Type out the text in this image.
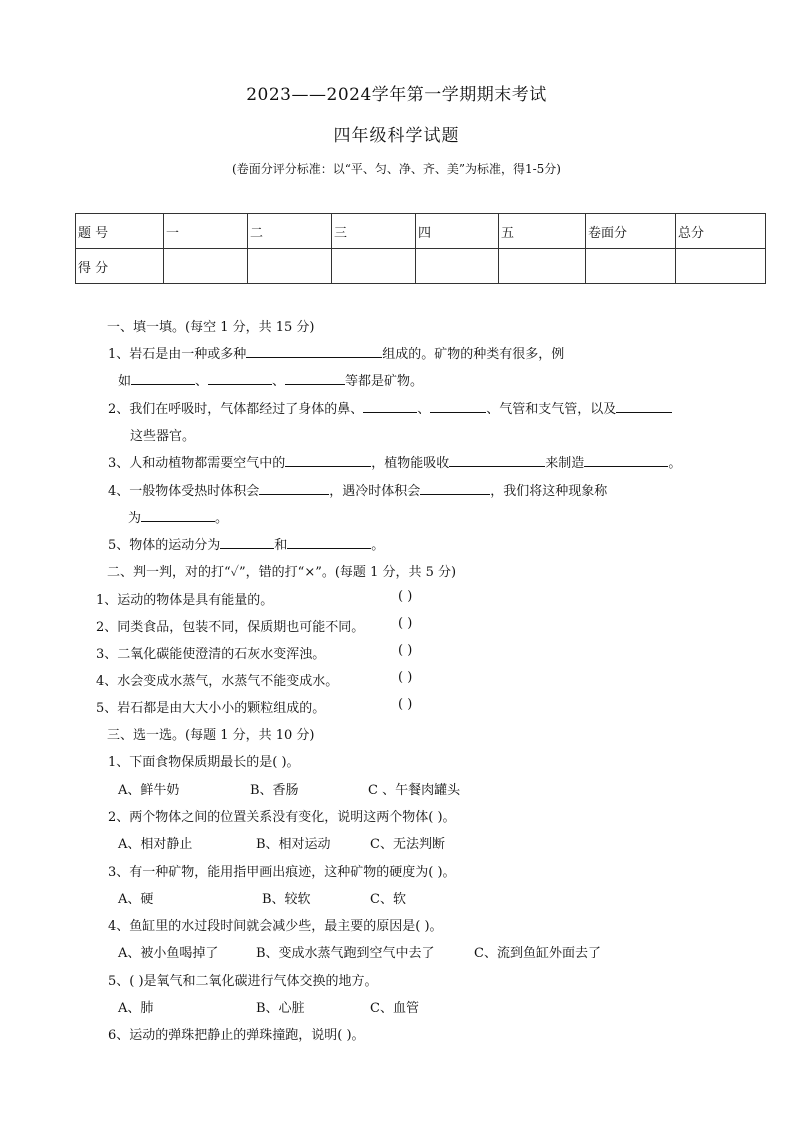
2023——2024学年第一学期期末考试
四年级科学试题
(卷面分评分标准：以“平、匀、净、齐、美”为标准，得1-5分)
题 号	一	二	三	四	五	卷面分	总分
得 分							
一、填一填。(每空 1 分，共 15 分)
1、岩石是由一种或多种	组成的。矿物的种类有很多，例
如	、	、	等都是矿物。
2、我们在呼吸时，气体都经过了身体的鼻、	、	、气管和支气管，以及
这些器官。
3、人和动植物都需要空气中的	，植物能吸收	来制造	。
4、一般物体受热时体积会	，遇冷时体积会	，我们将这种现象称
为	。
5、物体的运动分为	和	。
二、判一判，对的打“✓”，错的打“×”。(每题 1 分，共 5 分)
1、运动的物体是具有能量的。	( )
2、同类食品，包装不同，保质期也可能不同。	( )
3、二氧化碳能使澄清的石灰水变浑浊。	( )
4、水会变成水蒸气，水蒸气不能变成水。	( )
5、岩石都是由大大小小的颗粒组成的。	( )
三、选一选。(每题 1 分，共 10 分)
1、下面食物保质期最长的是( )。
A、鲜牛奶	B、香肠	C 、午餐肉罐头
2、两个物体之间的位置关系没有变化，说明这两个物体( )。
A、相对静止	B、相对运动	C、无法判断
3、有一种矿物，能用指甲画出痕迹，这种矿物的硬度为( )。
A、硬	B、较软	C、软
4、鱼缸里的水过段时间就会减少些，最主要的原因是( )。
A、被小鱼喝掉了	B、变成水蒸气跑到空气中去了	C、流到鱼缸外面去了
5、( )是氧气和二氧化碳进行气体交换的地方。
A、肺	B、心脏	C、血管
6、运动的弹珠把静止的弹珠撞跑，说明( )。
